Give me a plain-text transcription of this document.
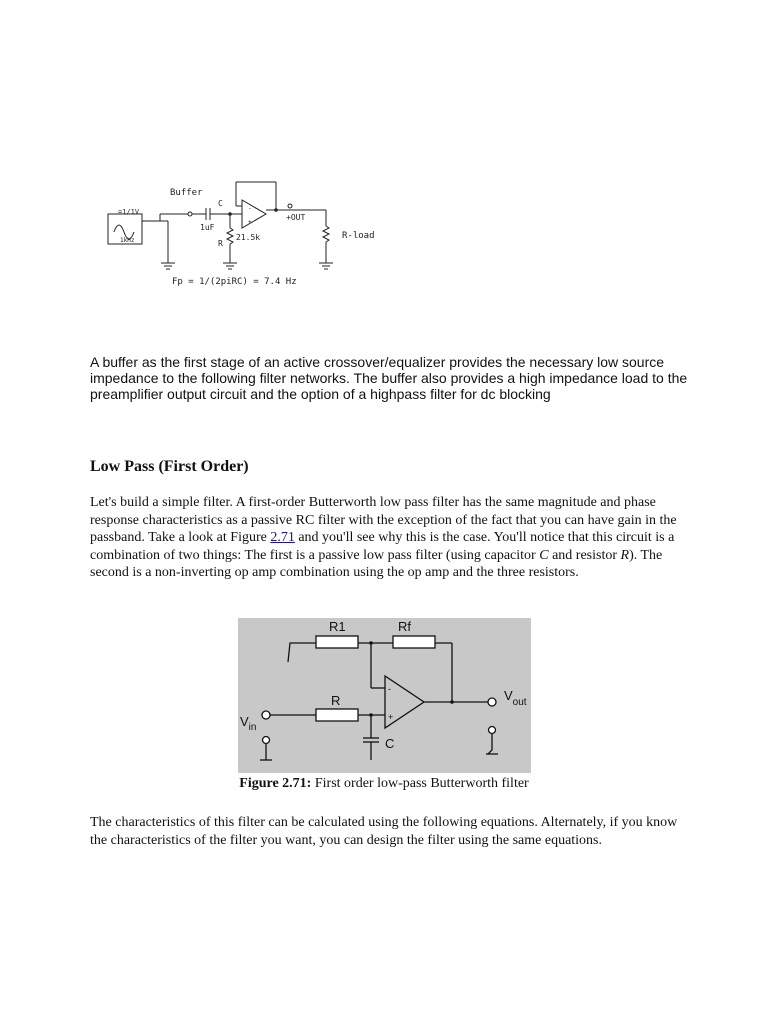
-
+
Buffer
C
1uF
=1/1V
1kHz	21.5k
R
+OUT
R-load
Fp = 1/(2piRC) = 7.4 Hz

A buffer as the first stage of an active crossover/equalizer provides the necessary low source impedance to the following filter networks. The buffer also provides a high impedance load to the preamplifier output circuit and the option of a highpass filter for dc blocking

Low Pass (First Order)

Let's build a simple filter. A first-order Butterworth low pass filter has the same magnitude and phase response characteristics as a passive RC filter with the exception of the fact that you can have gain in the passband. Take a look at Figure 2.71 and you'll see why this is the case. You'll notice that this circuit is a combination of two things: The first is a passive low pass filter (using capacitor C and resistor R). The second is a non-inverting op amp combination using the op amp and the three resistors.

-
+
R1	Rf
R
C
$V_{in}$
$V_{out}$

Figure 2.71: First order low-pass Butterworth filter

The characteristics of this filter can be calculated using the following equations. Alternately, if you know the characteristics of the filter you want, you can design the filter using the same equations.
